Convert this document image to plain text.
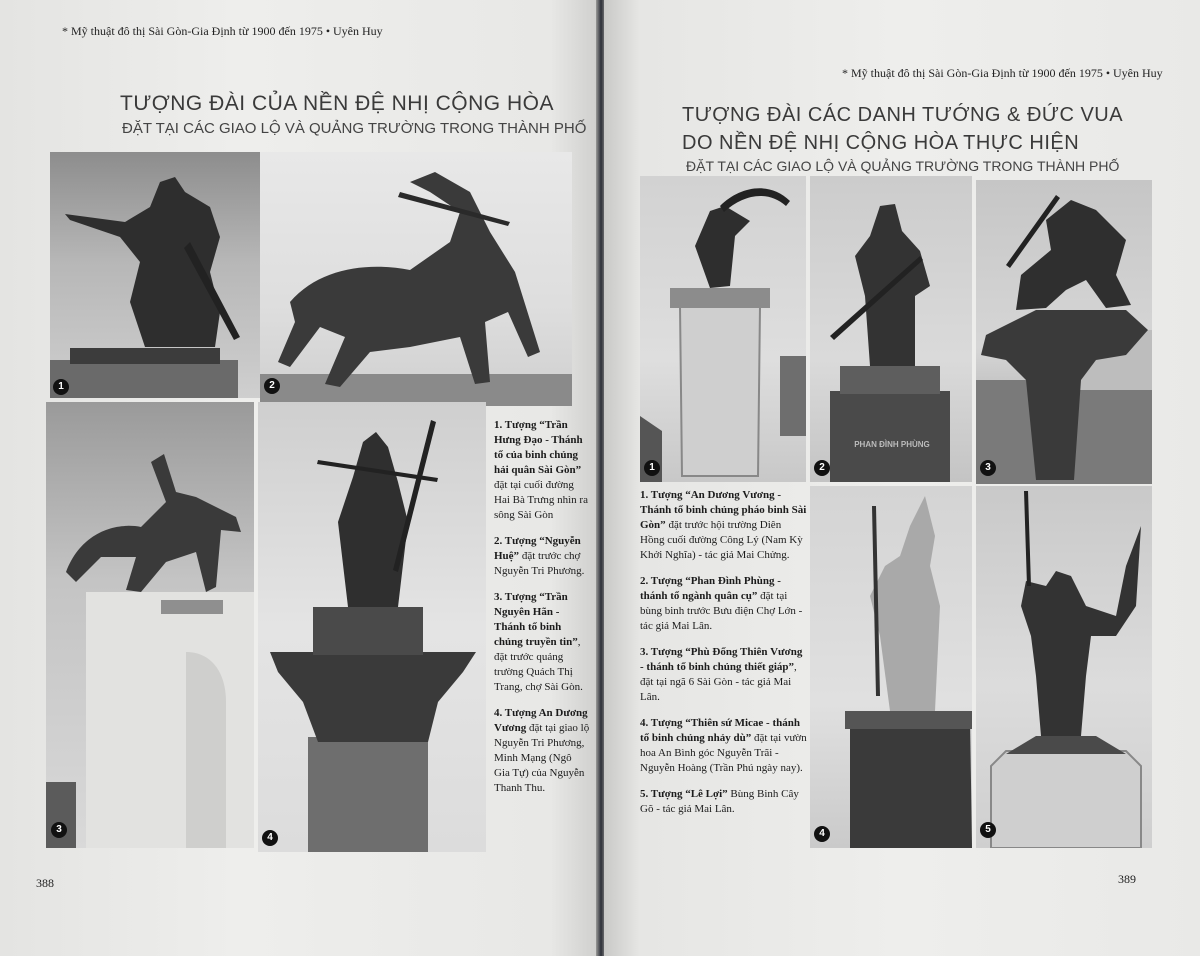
* Mỹ thuật đô thị Sài Gòn-Gia Định từ 1900 đến 1975 • Uyên Huy
TƯỢNG ĐÀI CỦA NỀN ĐỆ NHỊ CỘNG HÒA
ĐẶT TẠI CÁC GIAO LỘ VÀ QUẢNG TRƯỜNG TRONG THÀNH PHỐ
1	2
3
4

1. Tượng “Trần Hưng Đạo - Thánh tổ của binh chủng hải quân Sài Gòn” đặt tại cuối đường Hai Bà Trưng nhìn ra sông Sài Gòn

2. Tượng “Nguyễn Huệ” đặt trước chợ Nguyễn Tri Phương.

3. Tượng “Trần Nguyên Hãn - Thánh tổ binh chủng truyền tin”, đặt trước quảng trường Quách Thị Trang, chợ Sài Gòn.

4. Tượng An Dương Vương đặt tại giao lộ Nguyễn Tri Phương, Minh Mạng (Ngô Gia Tự) của Nguyễn Thanh Thu.

388
* Mỹ thuật đô thị Sài Gòn-Gia Định từ 1900 đến 1975 • Uyên Huy
TƯỢNG ĐÀI CÁC DANH TƯỚNG & ĐỨC VUA
DO NỀN ĐỆ NHỊ CỘNG HÒA THỰC HIỆN
ĐẶT TẠI CÁC GIAO LỘ VÀ QUẢNG TRƯỜNG TRONG THÀNH PHỐ
1	2
PHAN ĐÌNH PHÙNG
3

1. Tượng “An Dương Vương - Thánh tổ binh chủng pháo binh Sài Gòn” đặt trước hội trường Diên Hồng cuối đường Công Lý (Nam Kỳ Khởi Nghĩa) - tác giả Mai Chửng.

2. Tượng “Phan Đình Phùng - thánh tổ ngành quân cụ” đặt tại bùng binh trước Bưu điện Chợ Lớn - tác giả Mai Lân.

3. Tượng “Phù Đổng Thiên Vương - thánh tổ binh chủng thiết giáp”, đặt tại ngã 6 Sài Gòn - tác giả Mai Lân.

4. Tượng “Thiên sứ Micae - thánh tổ binh chủng nhảy dù” đặt tại vườn hoa An Bình góc Nguyễn Trãi - Nguyễn Hoàng (Trần Phú ngày nay).

5. Tượng “Lê Lợi” Bùng Binh Cây Gõ - tác giả Mai Lân.

4	5
389
